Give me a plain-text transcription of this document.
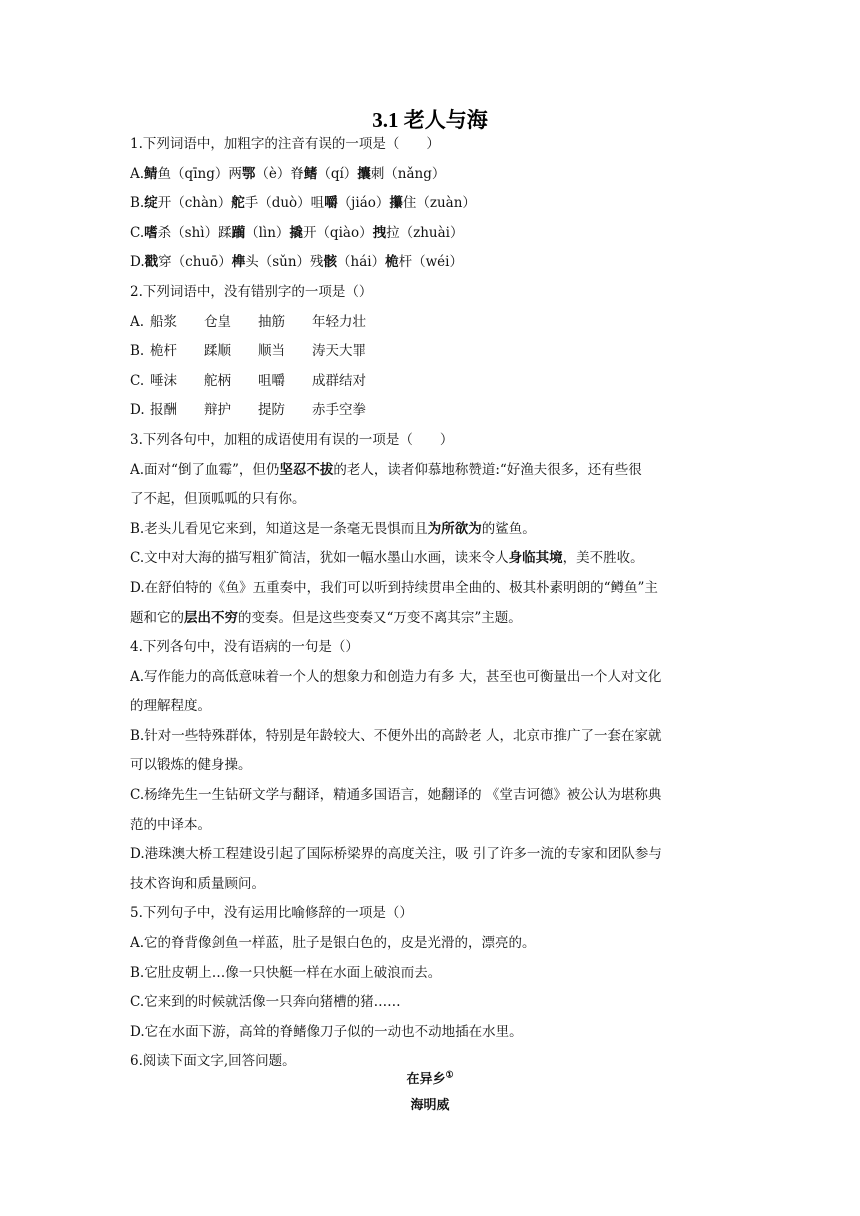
3.1 老人与海
1.下列词语中，加粗字的注音有误的一项是（　　）
A.鲭鱼（qīng）两鄂（è）脊鳍（qí）攮刺（nǎng）
B.绽开（chàn）舵手（duò）咀嚼（jiáo）攥住（zuàn）
C.嗜杀（shì）蹂躏（lìn）撬开（qiào）拽拉（zhuài）
D.戳穿（chuō）榫头（sǔn）残骸（hái）桅杆（wéi）
2.下列词语中，没有错别字的一项是（）
A. 船浆 仓皇 抽筋 年轻力壮
B. 桅杆 蹂顺 顺当 涛天大罪
C. 唾沫 舵柄 咀嚼 成群结对
D. 报酬 辩护 提防 赤手空拳
3.下列各句中，加粗的成语使用有误的一项是（　　）
A.面对“倒了血霉”，但仍坚忍不拔的老人，读者仰慕地称赞道:“好渔夫很多，还有些很
了不起，但顶呱呱的只有你。
B.老头儿看见它来到，知道这是一条毫无畏惧而且为所欲为的鲨鱼。
C.文中对大海的描写粗犷简洁，犹如一幅水墨山水画，读来令人身临其境，美不胜收。
D.在舒伯特的《鱼》五重奏中，我们可以听到持续贯串全曲的、极其朴素明朗的“鳟鱼”主
题和它的层出不穷的变奏。但是这些变奏又“万变不离其宗”主题。
4.下列各句中，没有语病的一句是（）
A.写作能力的高低意味着一个人的想象力和创造力有多 大，甚至也可衡量出一个人对文化
的理解程度。
B.针对一些特殊群体，特别是年龄较大、不便外出的高龄老 人，北京市推广了一套在家就
可以锻炼的健身操。
C.杨绛先生一生钻研文学与翻译，精通多国语言，她翻译的 《堂吉诃德》被公认为堪称典
范的中译本。
D.港珠澳大桥工程建设引起了国际桥梁界的高度关注，吸 引了许多一流的专家和团队参与
技术咨询和质量顾问。
5.下列句子中，没有运用比喻修辞的一项是（）
A.它的脊背像剑鱼一样蓝，肚子是银白色的，皮是光滑的，漂亮的。
B.它肚皮朝上…像一只快艇一样在水面上破浪而去。
C.它来到的时候就活像一只奔向猪槽的猪……
D.它在水面下游，高耸的脊鳍像刀子似的一动也不动地插在水里。
6.阅读下面文字,回答问题。
在异乡①
海明威
